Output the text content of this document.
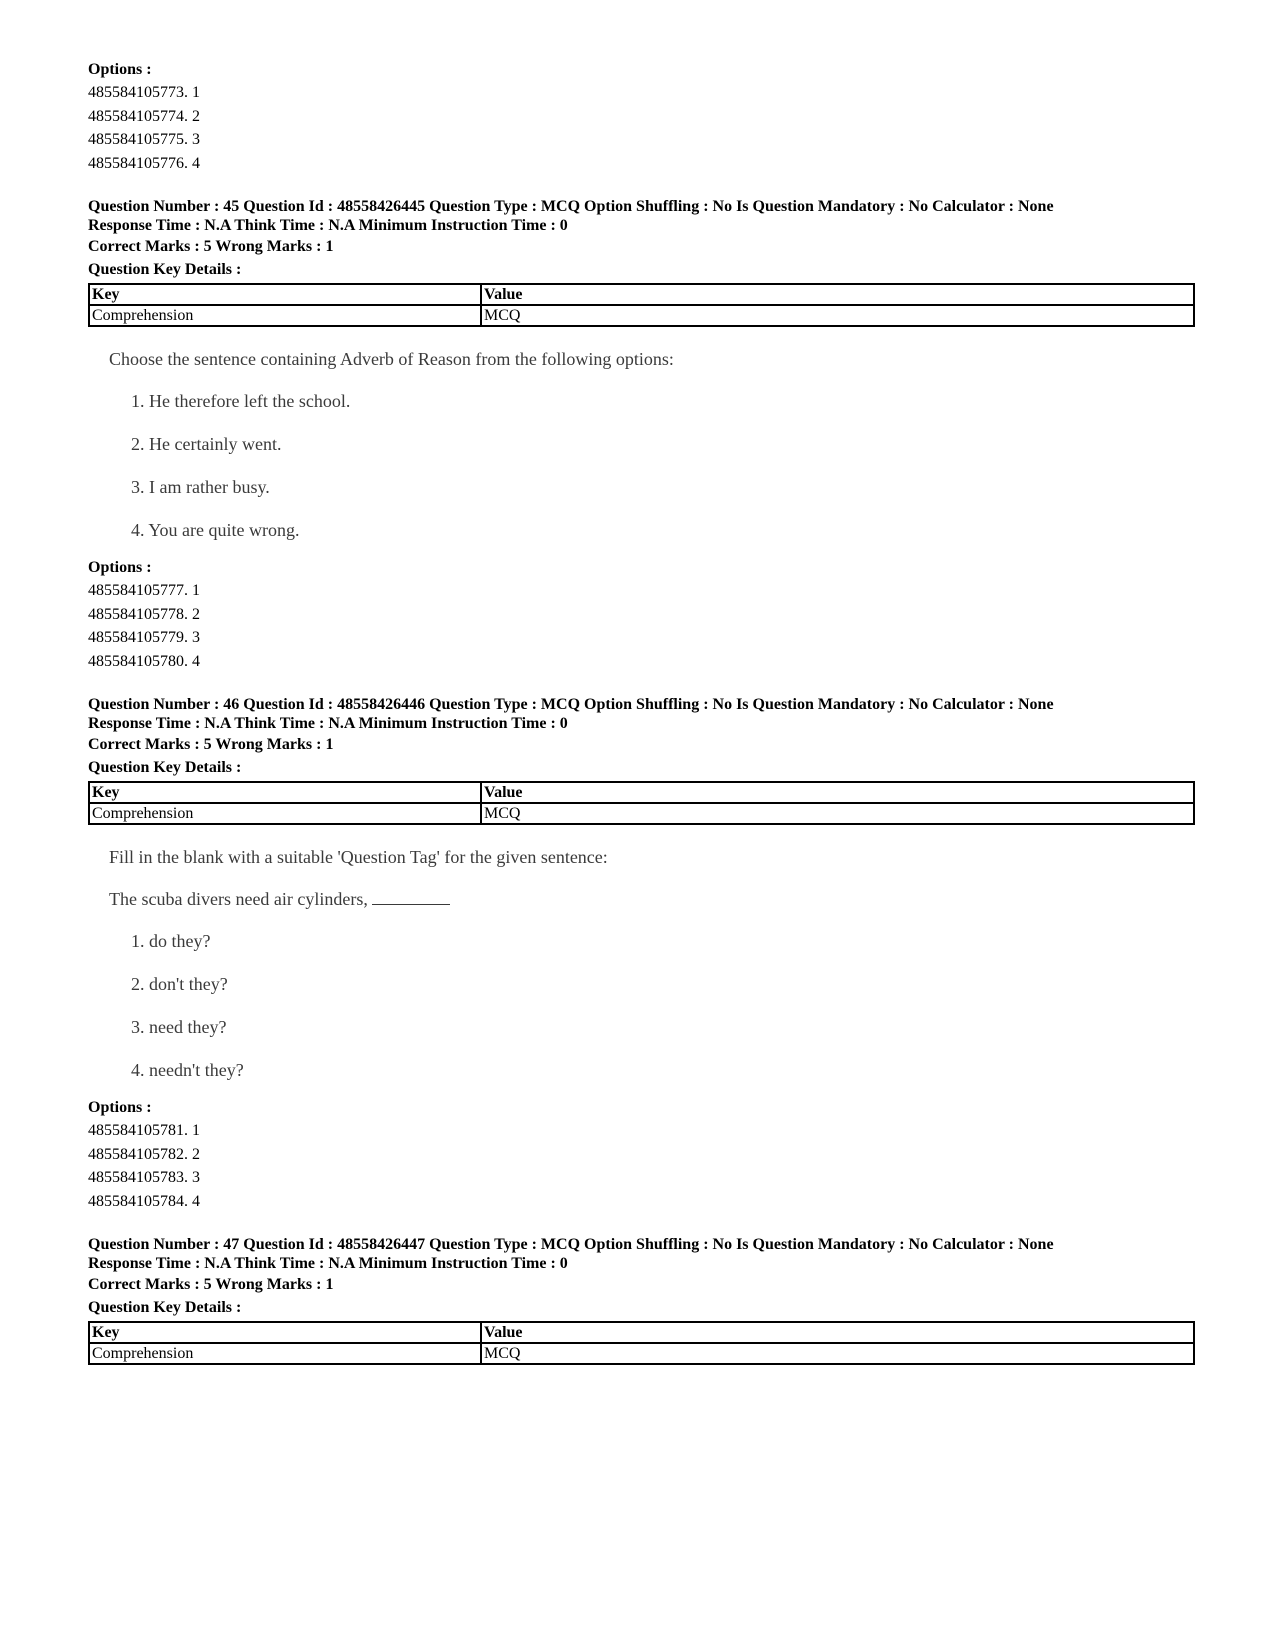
Options :
485584105773. 1
485584105774. 2
485584105775. 3
485584105776. 4
Question Number : 45 Question Id : 48558426445 Question Type : MCQ Option Shuffling : No Is Question Mandatory : No Calculator : None
Response Time : N.A Think Time : N.A Minimum Instruction Time : 0
Correct Marks : 5 Wrong Marks : 1
Question Key Details :
Key	Value
Comprehension	MCQ
Choose the sentence containing Adverb of Reason from the following options:
1. He therefore left the school.
2. He certainly went.
3. I am rather busy.
4. You are quite wrong.
Options :
485584105777. 1
485584105778. 2
485584105779. 3
485584105780. 4
Question Number : 46 Question Id : 48558426446 Question Type : MCQ Option Shuffling : No Is Question Mandatory : No Calculator : None
Response Time : N.A Think Time : N.A Minimum Instruction Time : 0
Correct Marks : 5 Wrong Marks : 1
Question Key Details :
Key	Value
Comprehension	MCQ
Fill in the blank with a suitable 'Question Tag' for the given sentence:
The scuba divers need air cylinders,
1. do they?
2. don't they?
3. need they?
4. needn't they?
Options :
485584105781. 1
485584105782. 2
485584105783. 3
485584105784. 4
Question Number : 47 Question Id : 48558426447 Question Type : MCQ Option Shuffling : No Is Question Mandatory : No Calculator : None
Response Time : N.A Think Time : N.A Minimum Instruction Time : 0
Correct Marks : 5 Wrong Marks : 1
Question Key Details :
Key	Value
Comprehension	MCQ
